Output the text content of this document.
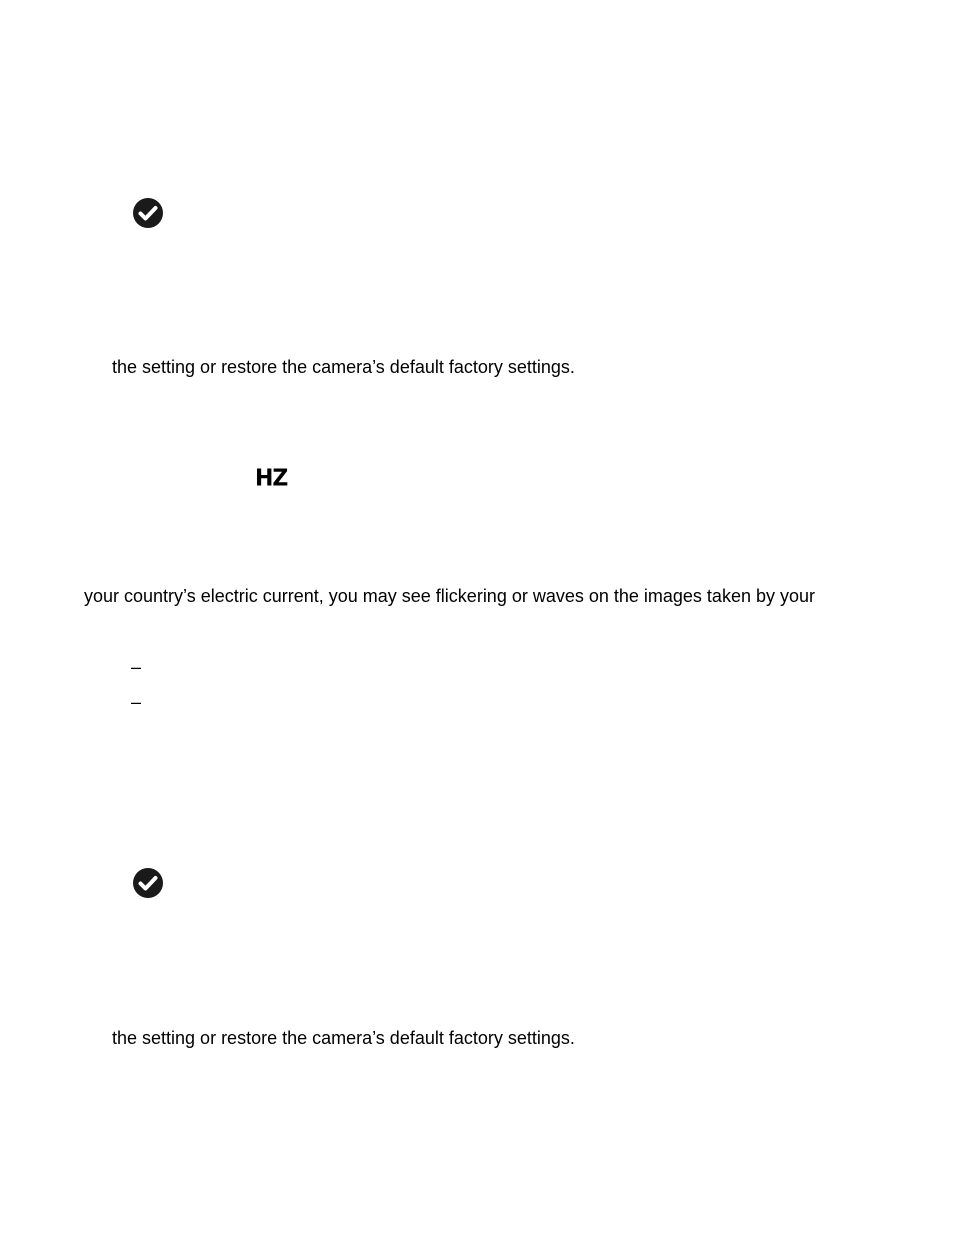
the setting or restore the camera’s default factory settings.
HZ
your country’s electric current, you may see flickering or waves on the images taken by your
–
–
the setting or restore the camera’s default factory settings.
